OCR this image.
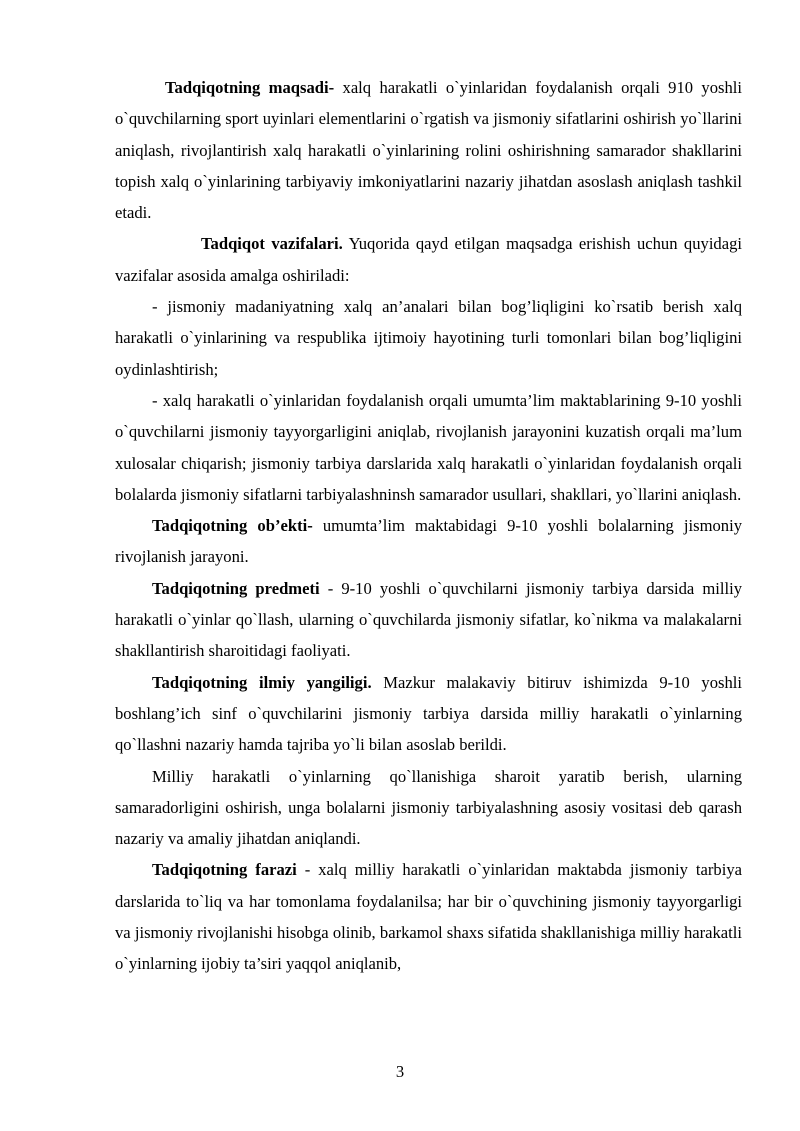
Tadqiqotning maqsadi- xalq harakatli o`yinlaridan foydalanish orqali 910 yoshli o`quvchilarning sport uyinlari elementlarini o`rgatish va jismoniy sifatlarini oshirish yo`llarini aniqlash, rivojlantirish xalq harakatli o`yinlarining rolini oshirishning samarador shakllarini topish xalq o`yinlarining tarbiyaviy imkoniyatlarini nazariy jihatdan asoslash aniqlash tashkil etadi.

Tadqiqot vazifalari. Yuqorida qayd etilgan maqsadga erishish uchun quyidagi vazifalar asosida amalga oshiriladi:

- jismoniy madaniyatning xalq an’analari bilan bog’liqligini ko`rsatib berish xalq harakatli o`yinlarining va respublika ijtimoiy hayotining turli tomonlari bilan bog’liqligini oydinlashtirish;

- xalq harakatli o`yinlaridan foydalanish orqali umumta’lim maktablarining 9-10 yoshli o`quvchilarni jismoniy tayyorgarligini aniqlab, rivojlanish jarayonini kuzatish orqali ma’lum xulosalar chiqarish; jismoniy tarbiya darslarida xalq harakatli o`yinlaridan foydalanish orqali bolalarda jismoniy sifatlarni tarbiyalashninsh samarador usullari, shakllari, yo`llarini aniqlash.

Tadqiqotning ob’ekti- umumta’lim maktabidagi 9-10 yoshli bolalarning jismoniy rivojlanish jarayoni.

Tadqiqotning predmeti - 9-10 yoshli o`quvchilarni jismoniy tarbiya darsida milliy harakatli o`yinlar qo`llash, ularning o`quvchilarda jismoniy sifatlar, ko`nikma va malakalarni shakllantirish sharoitidagi faoliyati.

Tadqiqotning ilmiy yangiligi. Mazkur malakaviy bitiruv ishimizda 9-10 yoshli boshlang’ich sinf o`quvchilarini jismoniy tarbiya darsida milliy harakatli o`yinlarning qo`llashni nazariy hamda tajriba yo`li bilan asoslab berildi.

Milliy harakatli o`yinlarning qo`llanishiga sharoit yaratib berish, ularning samaradorligini oshirish, unga bolalarni jismoniy tarbiyalashning asosiy vositasi deb qarash nazariy va amaliy jihatdan aniqlandi.

Tadqiqotning farazi - xalq milliy harakatli o`yinlaridan maktabda jismoniy tarbiya darslarida to`liq va har tomonlama foydalanilsa; har bir o`quvchining jismoniy tayyorgarligi va jismoniy rivojlanishi hisobga olinib, barkamol shaxs sifatida shakllanishiga milliy harakatli o`yinlarning ijobiy ta’siri yaqqol aniqlanib,

3
